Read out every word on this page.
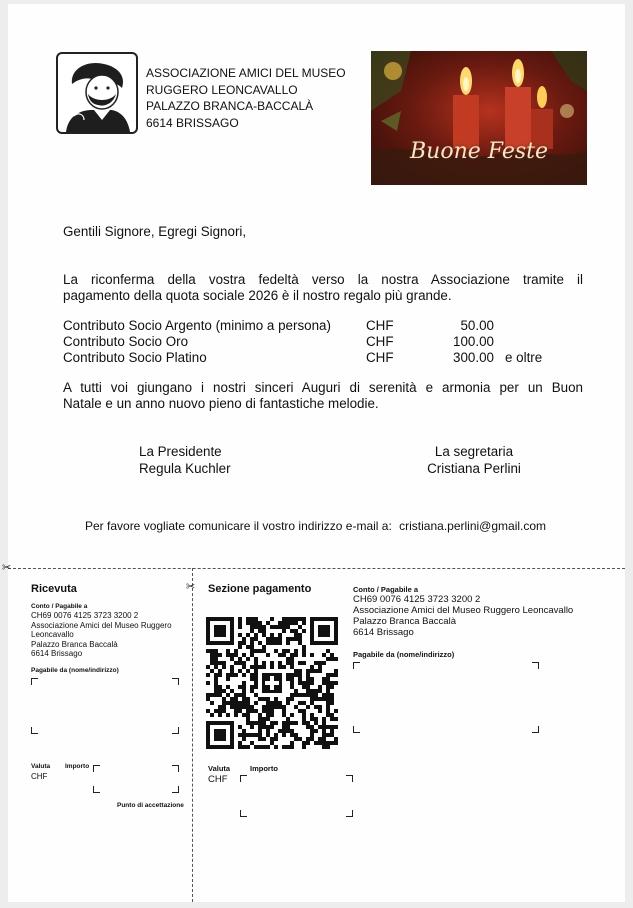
ASSOCIAZIONE AMICI DEL MUSEO
RUGGERO LEONCAVALLO
PALAZZO BRANCA-BACCALÀ
6614 BRISSAGO
Buone Feste
Gentili Signore, Egregi Signori,
La riconferma della vostra fedeltà verso la nostra Associazione tramite il
pagamento della quota sociale 2026 è il nostro regalo più grande.
Contributo Socio Argento (minimo a persona)	CHF	50.00
Contributo Socio Oro	CHF	100.00
Contributo Socio Platino	CHF	300.00 e oltre
A tutti voi giungano i nostri sinceri Auguri di serenità e armonia per un Buon
Natale e un anno nuovo pieno di fantastiche melodie.
La Presidente
Regula Kuchler
La segretaria
Cristiana Perlini
Per favore vogliate comunicare il vostro indirizzo e-mail a: cristiana.perlini@gmail.com
✂
✂
Ricevuta
Conto / Pagabile a
CH69 0076 4125 3723 3200 2
Associazione Amici del Museo Ruggero
Leoncavallo
Palazzo Branca Baccalà
6614 Brissago
Pagabile da (nome/indirizzo)
Valuta Importo
CHF
Punto di accettazione
Sezione pagamento
Valuta	Importo
CHF
Conto / Pagabile a
CH69 0076 4125 3723 3200 2
Associazione Amici del Museo Ruggero Leoncavallo
Palazzo Branca Baccalà
6614 Brissago
Pagabile da (nome/indirizzo)
